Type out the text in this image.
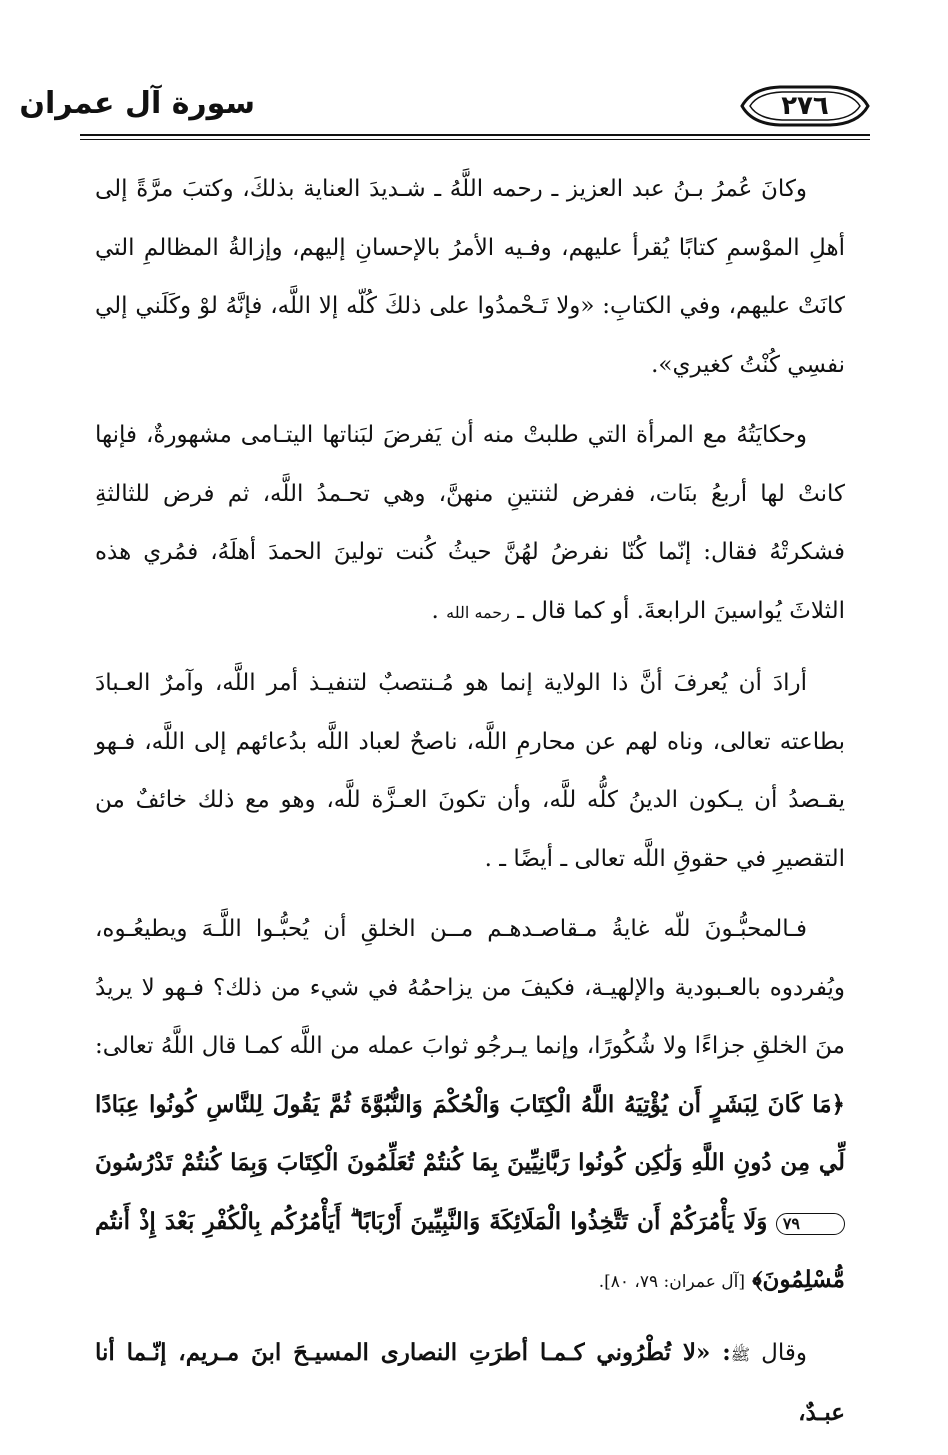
سورة آل عمران	٢٧٦

وكانَ عُمرُ بـنُ عبد العزيز ـ رحمه اللَّهُ ـ شـديدَ العناية بذلكَ، وكتبَ مرَّةً إلى أهلِ الموْسمِ كتابًا يُقرأ عليهم، وفـيه الأمرُ بالإحسانِ إليهم، وإزالةُ المظالمِ التي كانَتْ عليهم، وفي الكتابِ: «ولا تَـحْمدُوا على ذلكَ كُلّه إلا اللَّه، فإنَّهُ لوْ وكَلَني إلي نفسِي كُنْتُ كغيري».

وحكايَتُهُ مع المرأة التي طلبتْ منه أن يَفرضَ لبَناتها اليتـامى مشهورةٌ، فإنها كانتْ لها أربعُ بنَات، ففرض لثنتينِ منهنَّ، وهي تحـمدُ اللَّه، ثم فرض للثالثةِ فشكرتْهُ فقال: إنّما كُنّا نفرضُ لهُنَّ حيثُ كُنت تولينَ الحمدَ أهلَهُ، فمُري هذه الثلاثَ يُواسينَ الرابعةَ. أو كما قال ـ رحمه الله .

أرادَ أن يُعرفَ أنَّ ذا الولاية إنما هو مُـنتصبٌ لتنفيـذ أمر اللَّه، وآمرٌ العـبادَ بطاعته تعالى، وناه لهم عن محارمِ اللَّه، ناصحٌ لعباد اللَّه بدُعائهم إلى اللَّه، فـهو يقـصدُ أن يـكون الدينُ كلُّه للَّه، وأن تكونَ العـزَّة للَّه، وهو مع ذلك خائفٌ من التقصيرِ في حقوقِ اللَّه تعالى ـ أيضًا ـ .

فـالمحبُّـونَ للّه غايةُ مـقاصـدهـم مــن الخلقِ أن يُحبُّـوا اللَّـهَ ويطيعُـوه، ويُفردوه بالعـبودية والإلهيـة، فكيفَ من يزاحمُهُ في شيء من ذلك؟ فـهو لا يريدُ منَ الخلقِ جزاءًا ولا شُكُورًا، وإنما يـرجُو ثوابَ عمله من اللَّه كمـا قال اللَّهُ تعالى: ﴿مَا كَانَ لِبَشَرٍ أَن يُؤْتِيَهُ اللَّهُ الْكِتَابَ وَالْحُكْمَ وَالنُّبُوَّةَ ثُمَّ يَقُولَ لِلنَّاسِ كُونُوا عِبَادًا لِّي مِن دُونِ اللَّهِ وَلَٰكِن كُونُوا رَبَّانِيِّينَ بِمَا كُنتُمْ تُعَلِّمُونَ الْكِتَابَ وَبِمَا كُنتُمْ تَدْرُسُونَ ٧٩ وَلَا يَأْمُرَكُمْ أَن تَتَّخِذُوا الْمَلَائِكَةَ وَالنَّبِيِّينَ أَرْبَابًا ۗ أَيَأْمُرُكُم بِالْكُفْرِ بَعْدَ إِذْ أَنتُم مُّسْلِمُونَ﴾ [آل عمران: ٧٩، ٨٠].

وقال ﷺ: «لا تُطْرُوني كـمـا أطرَتِ النصارى المسيـحَ ابنَ مـريم، إنّـما أنا عبـدٌ،
